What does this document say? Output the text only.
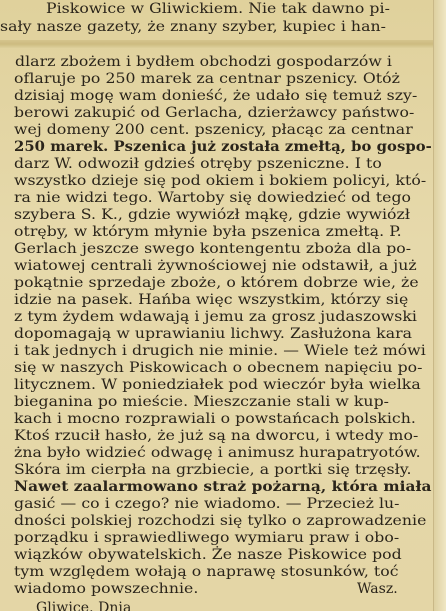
Piskowice w Gliwickiem. Nie tak dawno pi-
sały nasze gazety, że znany szyber, kupiec i han-
dlarz zbożem i bydłem obchodzi gospodarzów i
oflaruje po 250 marek za centnar pszenicy. Otóż
dzisiaj mogę wam donieść, że udało się temuż szy-
berowi zakupić od Gerlacha, dzierżawcy państwo-
wej domeny 200 cent. pszenicy, płacąc za centnar
250 marek. Pszenica już została zmełtą, bo gospo-
darz W. odwoził gdzieś otręby pszeniczne. I to
wszystko dzieje się pod okiem i bokiem policyi, któ-
ra nie widzi tego. Wartoby się dowiedzieć od tego
szybera S. K., gdzie wywiózł mąkę, gdzie wywiózł
otręby, w którym młynie była pszenica zmełtą. P.
Gerlach jeszcze swego kontengentu zboża dla po-
wiatowej centrali żywnościowej nie odstawił, a już
pokątnie sprzedaje zboże, o którem dobrze wie, że
idzie na pasek. Hańba więc wszystkim, którzy się
z tym żydem wdawają i jemu za grosz judaszowski
dopomagają w uprawianiu lichwy. Zasłużona kara
i tak jednych i drugich nie minie. — Wiele też mówi
się w naszych Piskowicach o obecnem napięciu po-
litycznem. W poniedziałek pod wieczór była wielka
bieganina po mieście. Mieszczanie stali w kup-
kach i mocno rozprawiali o powstańcach polskich.
Ktoś rzucił hasło, że już są na dworcu, i wtedy mo-
żna było widzieć odwagę i animusz hurapatryotów.
Skóra im cierpła na grzbiecie, a portki się trzęsły.
Nawet zaalarmowano straż pożarną, która miała
gasić — co i czego? nie wiadomo. — Przecież lu-
dności polskiej rozchodzi się tylko o zaprowadzenie
porządku i sprawiedliwego wymiaru praw i obo-
wiązków obywatelskich. Że nasze Piskowice pod
tym względem wołają o naprawę stosunków, toć
wiadomo powszechnie.	Wasz.
Gliwice. Dnia
